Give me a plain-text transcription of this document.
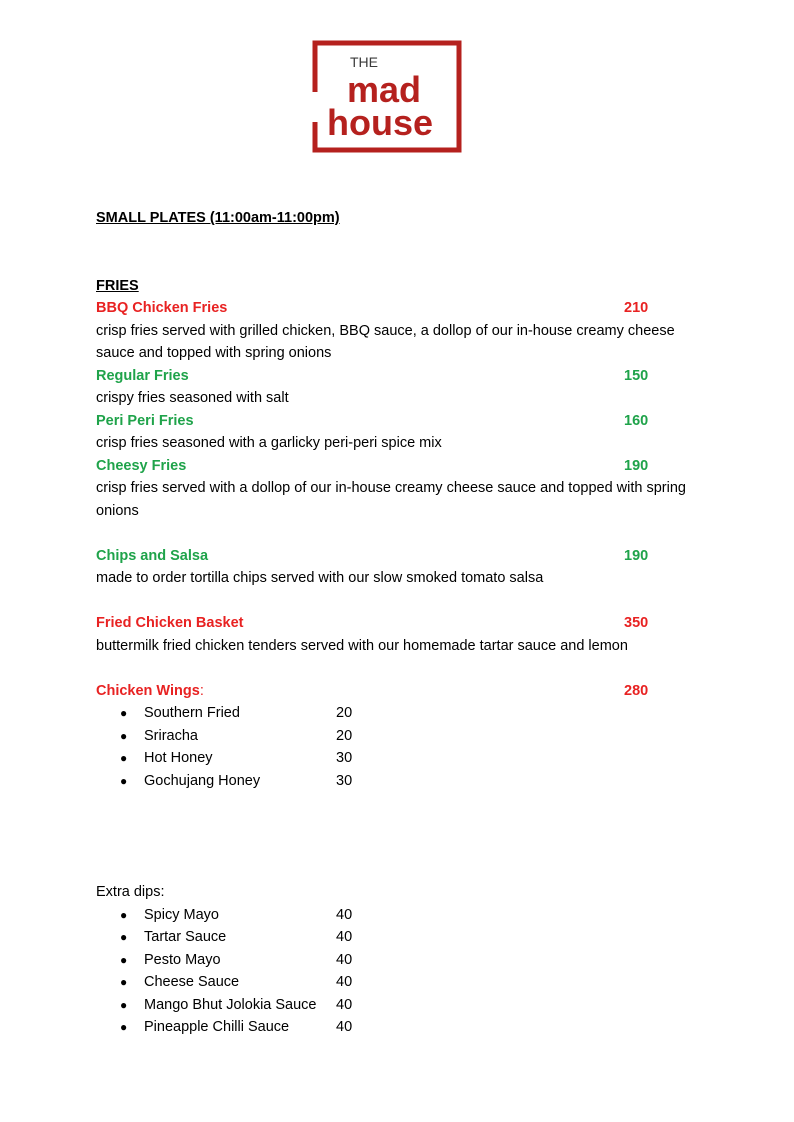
THE
mad
house
SMALL PLATES (11:00am-11:00pm)
FRIES
BBQ Chicken Fries	210
crisp fries served with grilled chicken, BBQ sauce, a dollop of our in-house creamy cheese sauce and topped with spring onions
Regular Fries	150
crispy fries seasoned with salt
Peri Peri Fries	160
crisp fries seasoned with a garlicky peri-peri spice mix
Cheesy Fries	190
crisp fries served with a dollop of our in-house creamy cheese sauce and topped with spring onions
Chips and Salsa	190
made to order tortilla chips served with our slow smoked tomato salsa
Fried Chicken Basket	350
buttermilk fried chicken tenders served with our homemade tartar sauce and lemon
Chicken Wings:	280
● Southern Fried	20
● Sriracha	20
● Hot Honey	30
● Gochujang Honey	30
Extra dips:
● Spicy Mayo	40
● Tartar Sauce	40
● Pesto Mayo	40
● Cheese Sauce	40
● Mango Bhut Jolokia Sauce 40
● Pineapple Chilli Sauce	40
